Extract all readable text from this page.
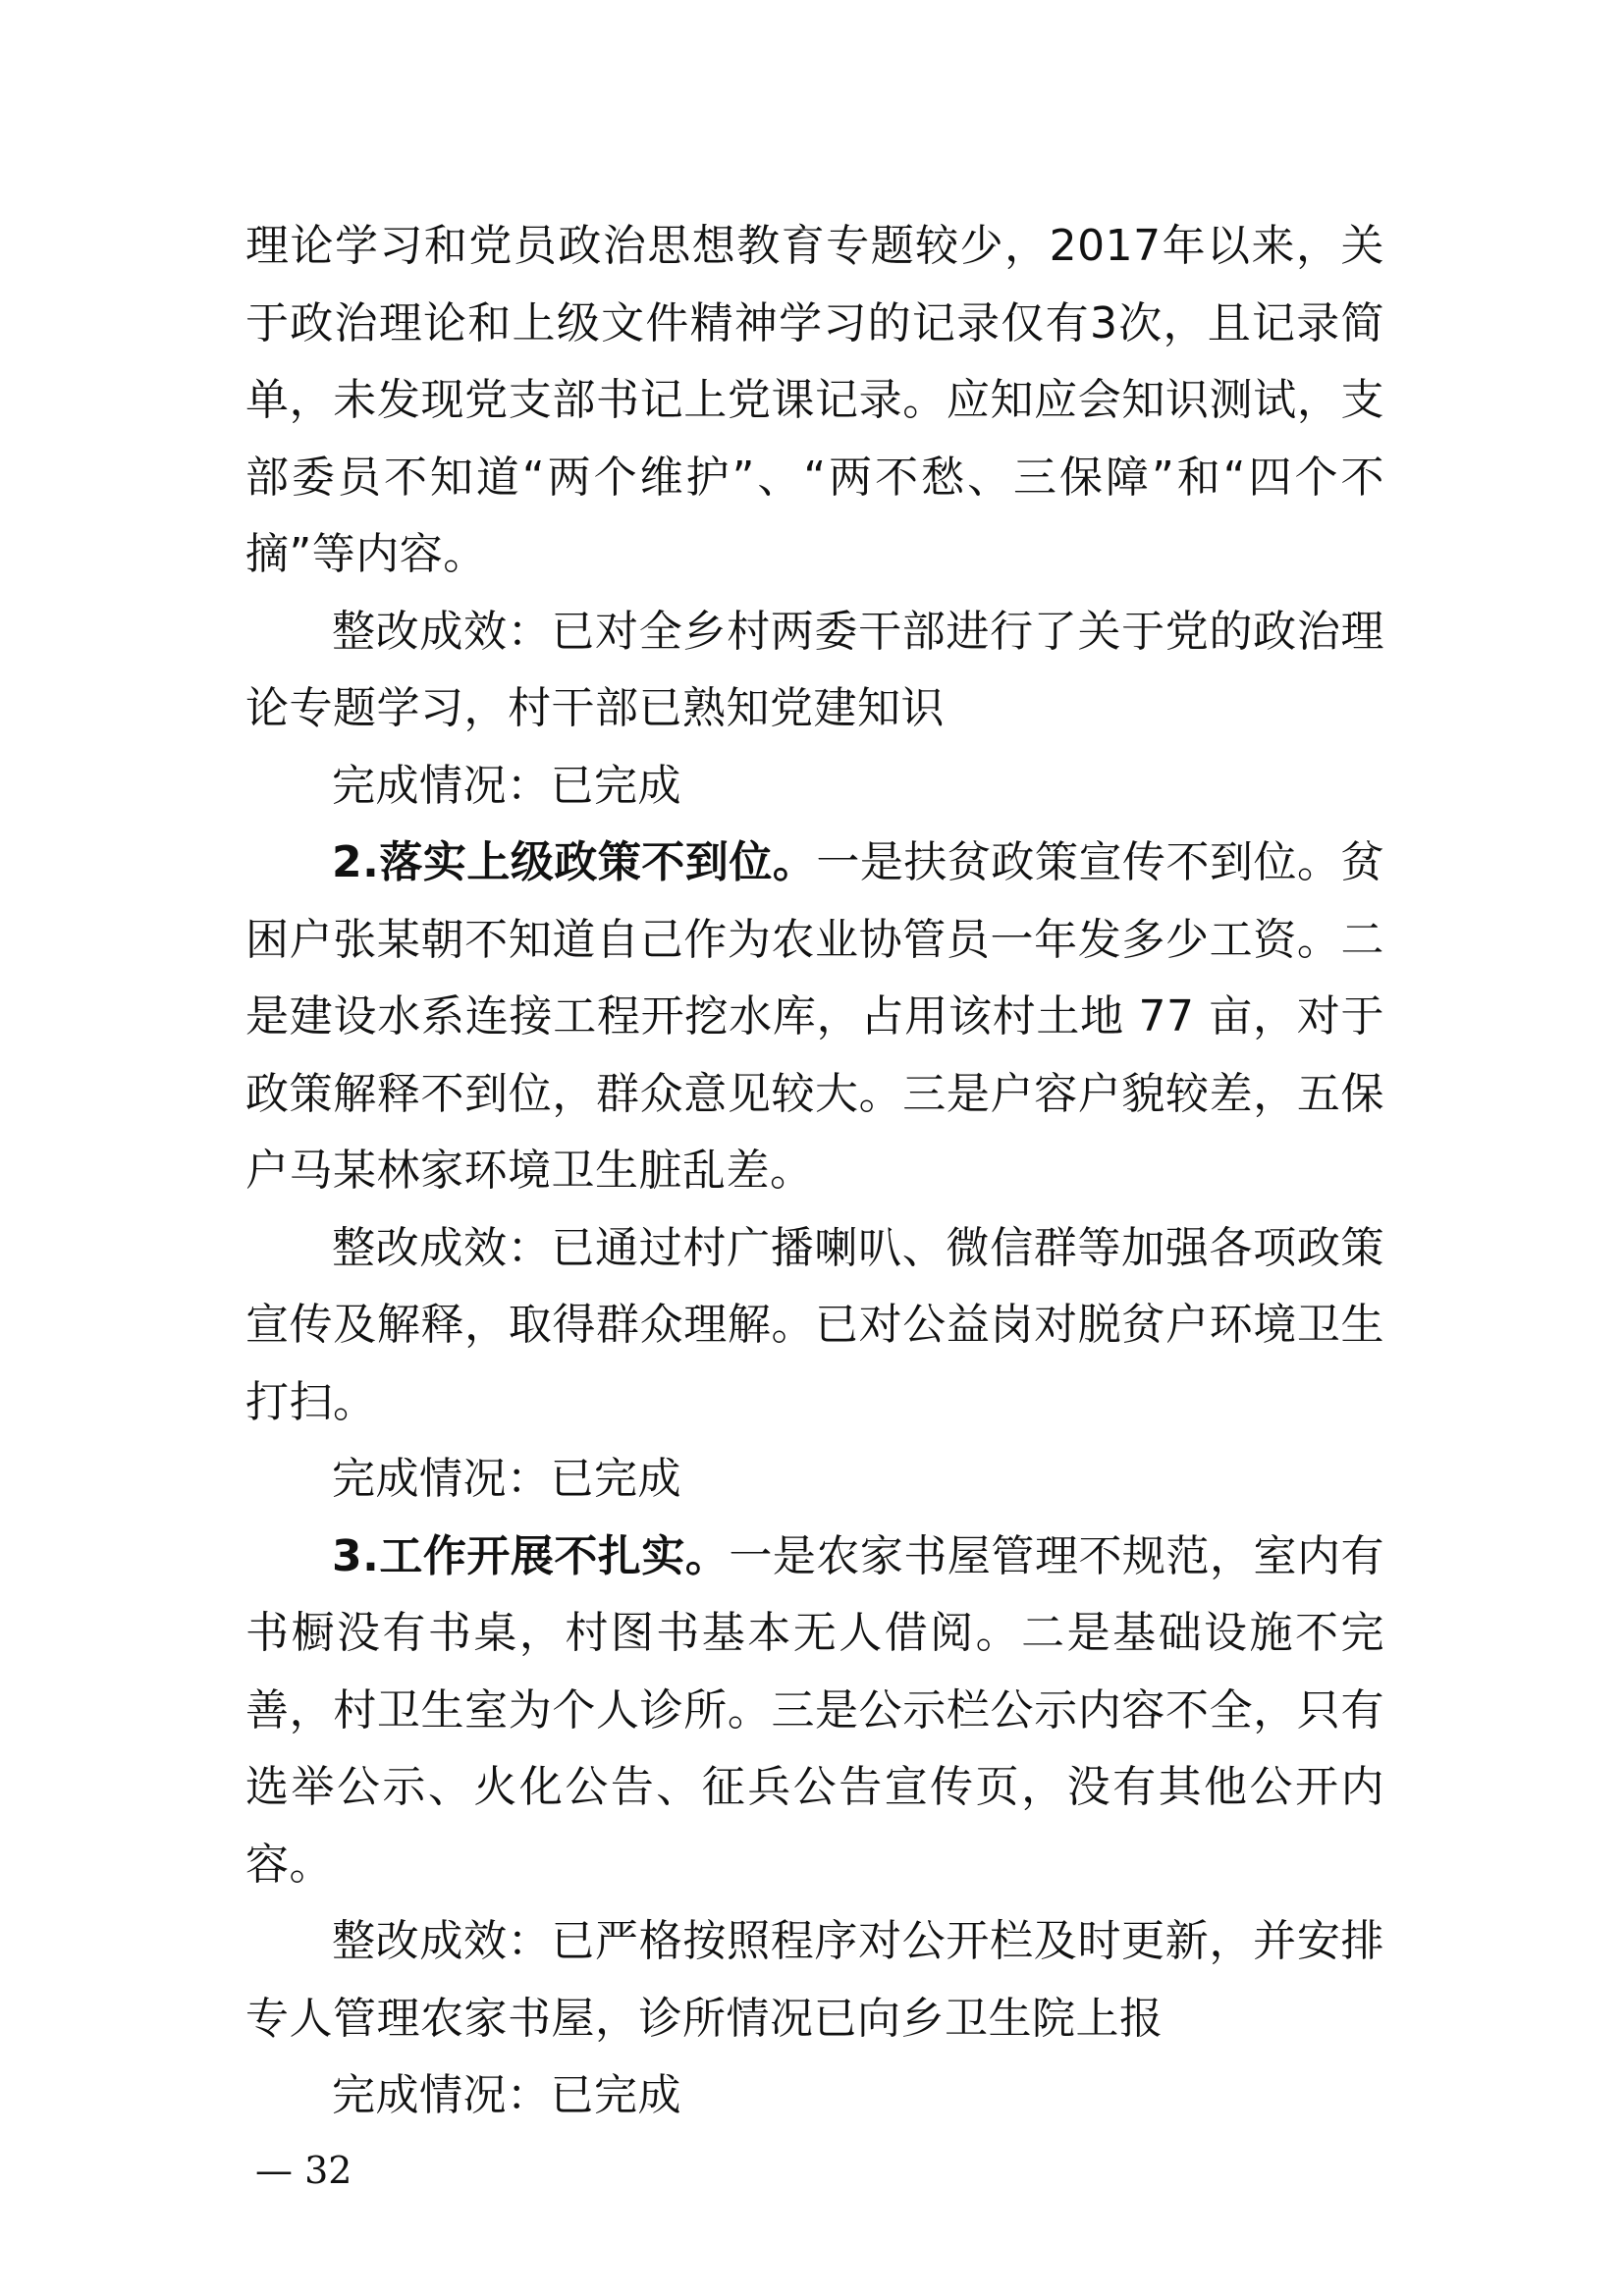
理论学习和党员政治思想教育专题较少，2017年以来，关于政治理论和上级文件精神学习的记录仅有3次，且记录简单，未发现党支部书记上党课记录。应知应会知识测试，支部委员不知道“两个维护”、“两不愁、三保障”和“四个不摘”等内容。

整改成效：已对全乡村两委干部进行了关于党的政治理论专题学习，村干部已熟知党建知识

完成情况：已完成

2.落实上级政策不到位。一是扶贫政策宣传不到位。贫困户张某朝不知道自己作为农业协管员一年发多少工资。二是建设水系连接工程开挖水库，占用该村土地 77 亩，对于政策解释不到位，群众意见较大。三是户容户貌较差，五保户马某林家环境卫生脏乱差。

整改成效：已通过村广播喇叭、微信群等加强各项政策宣传及解释，取得群众理解。已对公益岗对脱贫户环境卫生打扫。

完成情况：已完成

3.工作开展不扎实。一是农家书屋管理不规范，室内有书橱没有书桌，村图书基本无人借阅。二是基础设施不完善，村卫生室为个人诊所。三是公示栏公示内容不全，只有选举公示、火化公告、征兵公告宣传页，没有其他公开内容。

整改成效：已严格按照程序对公开栏及时更新，并安排专人管理农家书屋，诊所情况已向乡卫生院上报

完成情况：已完成

— 32
